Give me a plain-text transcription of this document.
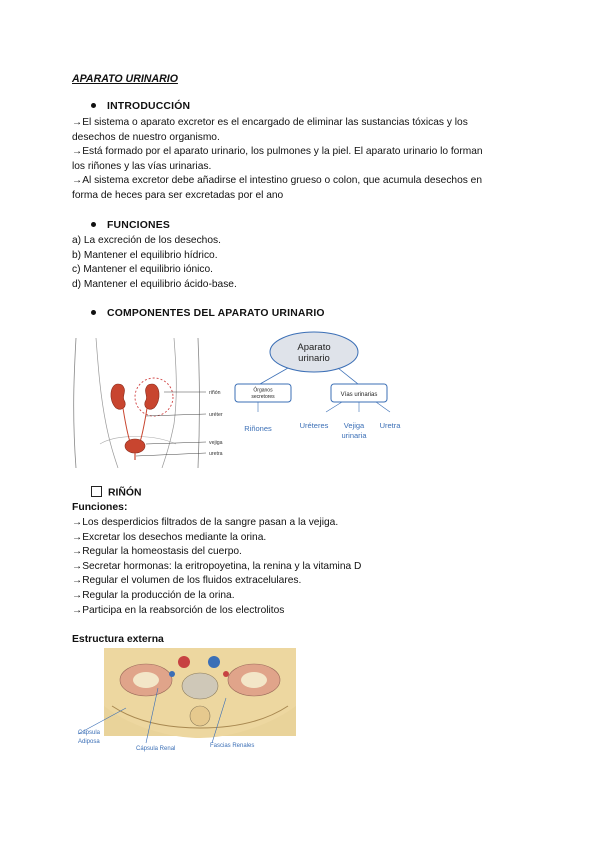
APARATO URINARIO
INTRODUCCIÓN
→El sistema o aparato excretor es el encargado de eliminar las sustancias tóxicas y los
desechos de nuestro organismo.
→Está formado por el aparato urinario, los pulmones y la piel. El aparato urinario lo forman
los riñones y las vías urinarias.
→Al sistema excretor debe añadirse el intestino grueso o colon, que acumula desechos en
forma de heces para ser excretadas por el ano
FUNCIONES
a) La excreción de los desechos.
b) Mantener el equilibrio hídrico.
c) Mantener el equilibrio iónico.
d) Mantener el equilibrio ácido-base.
COMPONENTES DEL APARATO URINARIO
riñón
uréter
vejiga
uretra
Aparato
urinario
Órganos
secretores	Vías urinarias
Riñones	Uréteres Vejiga
urinaria
Uretra
RIÑÓN
Funciones:
→Los desperdicios filtrados de la sangre pasan a la vejiga.
→Excretar los desechos mediante la orina.
→Regular la homeostasis del cuerpo.
→Secretar hormonas: la eritropoyetina, la renina y la vitamina D
→Regular el volumen de los fluidos extracelulares.
→Regular la producción de la orina.
→Participa en la reabsorción de los electrolitos
Estructura externa
Cápsula
Adiposa
Cápsula Renal	Fascias Renales
